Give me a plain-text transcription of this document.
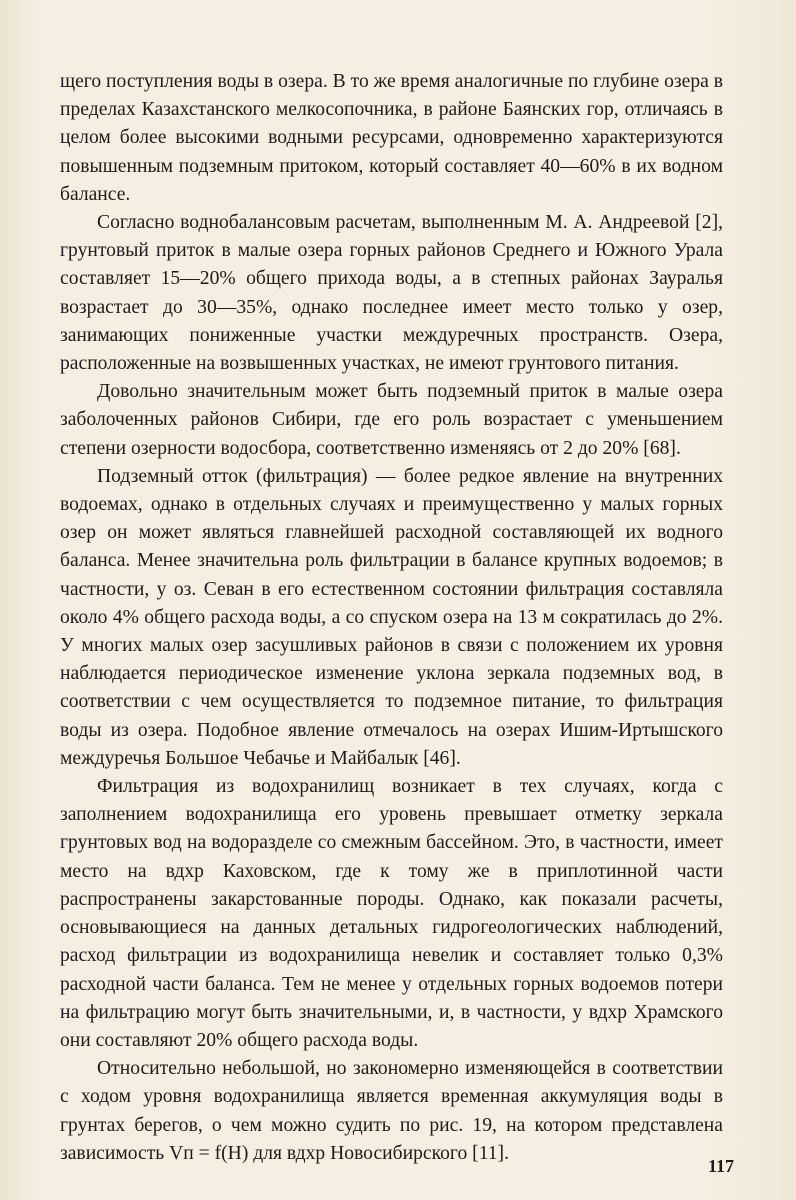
щего поступления воды в озера. В то же время аналогичные по глубине озера в пределах Казахстанского мелкосопочника, в районе Баянских гор, отличаясь в целом более высокими водными ресурсами, одновременно характеризуются повышенным подземным притоком, который составляет 40—60% в их водном балансе.

Согласно воднобалансовым расчетам, выполненным М. А. Андреевой [2], грунтовый приток в малые озера горных районов Среднего и Южного Урала составляет 15—20% общего прихода воды, а в степных районах Зауралья возрастает до 30—35%, однако последнее имеет место только у озер, занимающих пониженные участки междуречных пространств. Озера, расположенные на возвышенных участках, не имеют грунтового питания.

Довольно значительным может быть подземный приток в малые озера заболоченных районов Сибири, где его роль возрастает с уменьшением степени озерности водосбора, соответственно изменяясь от 2 до 20% [68].

Подземный отток (фильтрация) — более редкое явление на внутренних водоемах, однако в отдельных случаях и преимущественно у малых горных озер он может являться главнейшей расходной составляющей их водного баланса. Менее значительна роль фильтрации в балансе крупных водоемов; в частности, у оз. Севан в его естественном состоянии фильтрация составляла около 4% общего расхода воды, а со спуском озера на 13 м сократилась до 2%. У многих малых озер засушливых районов в связи с положением их уровня наблюдается периодическое изменение уклона зеркала подземных вод, в соответствии с чем осуществляется то подземное питание, то фильтрация воды из озера. Подобное явление отмечалось на озерах Ишим-Иртышского междуречья Большое Чебачье и Майбалык [46].

Фильтрация из водохранилищ возникает в тех случаях, когда с заполнением водохранилища его уровень превышает отметку зеркала грунтовых вод на водоразделе со смежным бассейном. Это, в частности, имеет место на вдхр Каховском, где к тому же в приплотинной части распространены закарстованные породы. Однако, как показали расчеты, основывающиеся на данных детальных гидрогеологических наблюдений, расход фильтрации из водохранилища невелик и составляет только 0,3% расходной части баланса. Тем не менее у отдельных горных водоемов потери на фильтрацию могут быть значительными, и, в частности, у вдхр Храмского они составляют 20% общего расхода воды.

Относительно небольшой, но закономерно изменяющейся в соответствии с ходом уровня водохранилища является временная аккумуляция воды в грунтах берегов, о чем можно судить по рис. 19, на котором представлена зависимость Vп = f(H) для вдхр Новосибирского [11].

117
